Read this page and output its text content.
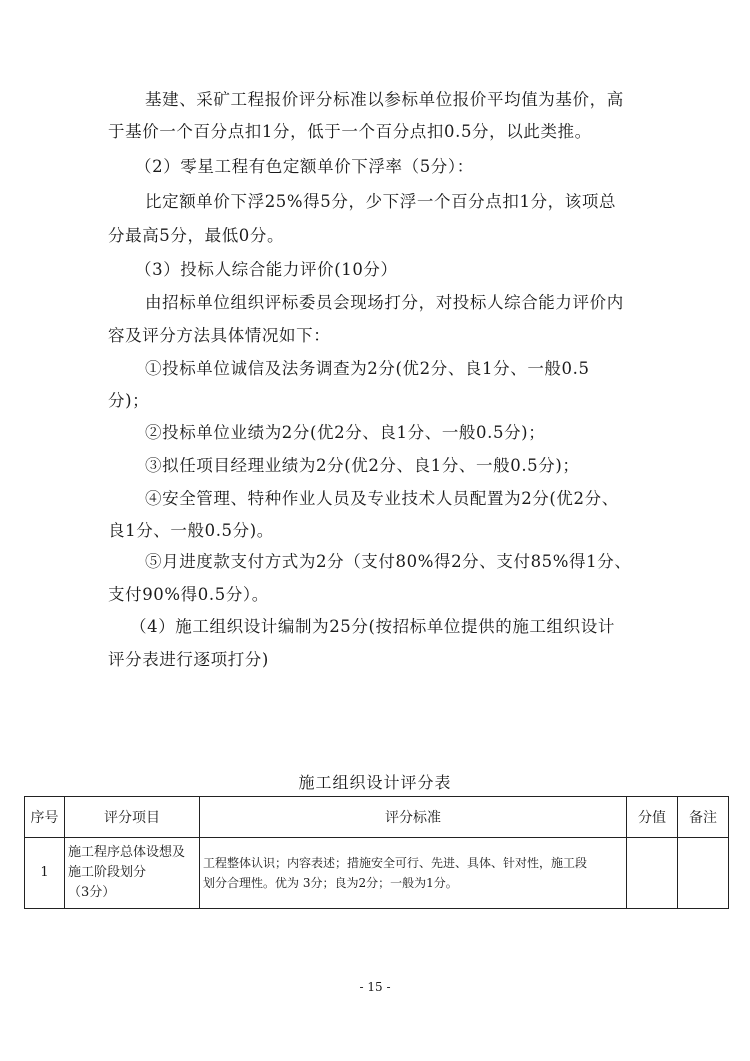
基建、采矿工程报价评分标准以参标单位报价平均值为基价，高
于基价一个百分点扣1分，低于一个百分点扣0.5分，以此类推。
（2）零星工程有色定额单价下浮率（5分）：
比定额单价下浮25%得5分，少下浮一个百分点扣1分，该项总
分最高5分，最低0分。
（3）投标人综合能力评价(10分）
由招标单位组织评标委员会现场打分，对投标人综合能力评价内
容及评分方法具体情况如下：
①投标单位诚信及法务调查为2分(优2分、良1分、一般0.5
分)；
②投标单位业绩为2分(优2分、良1分、一般0.5分)；
③拟任项目经理业绩为2分(优2分、良1分、一般0.5分)；
④安全管理、特种作业人员及专业技术人员配置为2分(优2分、
良1分、一般0.5分)。
⑤月进度款支付方式为2分（支付80%得2分、支付85%得1分、
支付90%得0.5分）。
（4）施工组织设计编制为25分(按招标单位提供的施工组织设计
评分表进行逐项打分)
施工组织设计评分表
序号	评分项目	评分标准	分值	备注
1	施工程序总体设想及
施工阶段划分
（3分）	工程整体认识；内容表述；措施安全可行、先进、具体、针对性，施工段
划分合理性。优为 3分；良为2分；一般为1分。		

- 15 -
